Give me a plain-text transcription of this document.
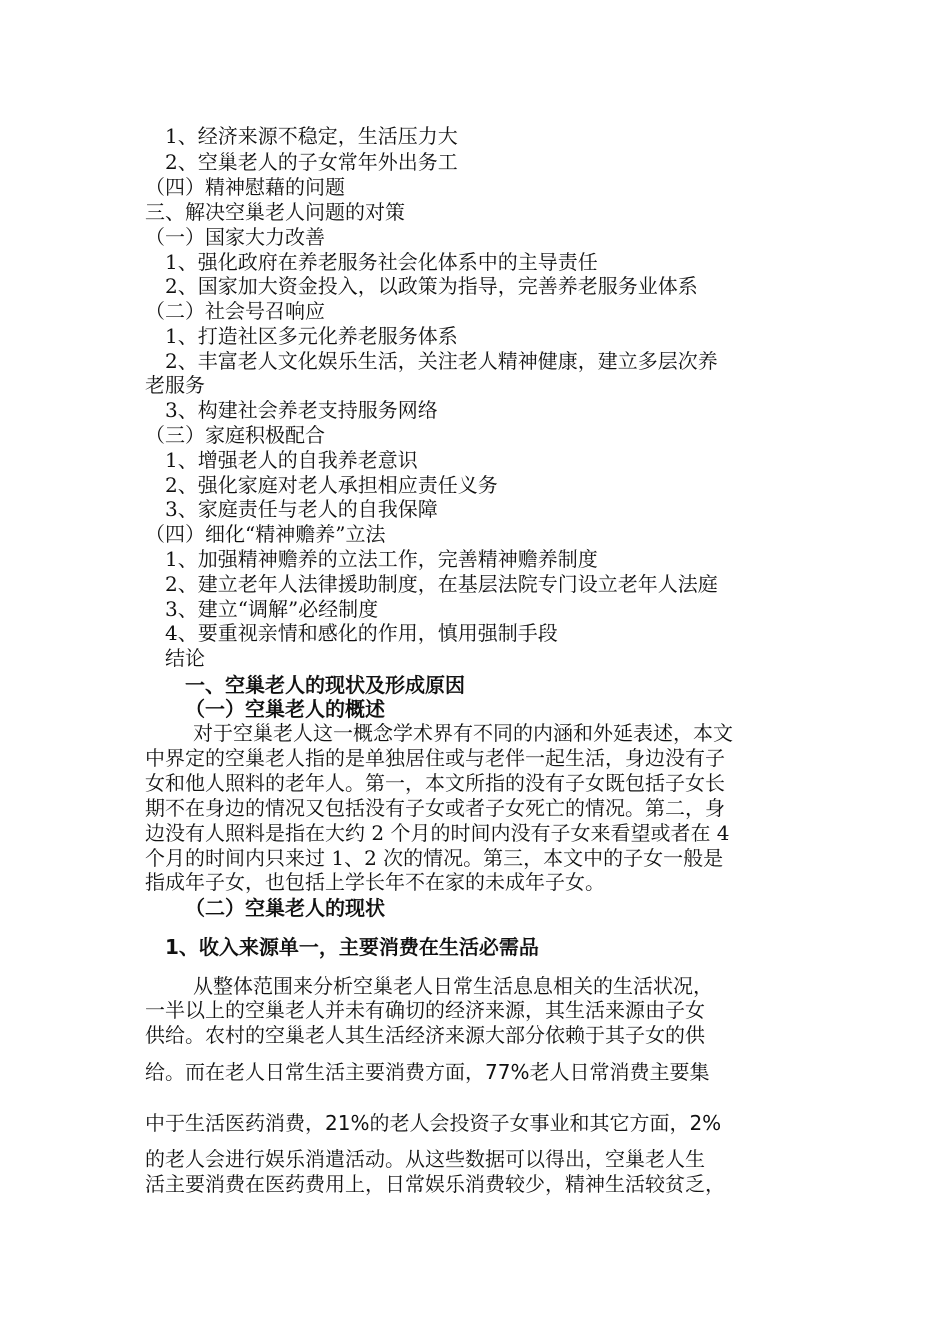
1、经济来源不稳定，生活压力大
2、空巢老人的子女常年外出务工
（四）精神慰藉的问题
三、解决空巢老人问题的对策
（一）国家大力改善
1、强化政府在养老服务社会化体系中的主导责任
2、国家加大资金投入，以政策为指导，完善养老服务业体系
（二）社会号召响应
1、打造社区多元化养老服务体系
2、丰富老人文化娱乐生活，关注老人精神健康，建立多层次养
老服务
3、构建社会养老支持服务网络
（三）家庭积极配合
1、增强老人的自我养老意识
2、强化家庭对老人承担相应责任义务
3、家庭责任与老人的自我保障
（四）细化“精神赡养”立法
1、加强精神赡养的立法工作，完善精神赡养制度
2、建立老年人法律援助制度，在基层法院专门设立老年人法庭
3、建立“调解”必经制度
4、要重视亲情和感化的作用，慎用强制手段
结论
一、空巢老人的现状及形成原因
（一）空巢老人的概述
对于空巢老人这一概念学术界有不同的内涵和外延表述，本文
中界定的空巢老人指的是单独居住或与老伴一起生活，身边没有子
女和他人照料的老年人。第一，本文所指的没有子女既包括子女长
期不在身边的情况又包括没有子女或者子女死亡的情况。第二，身
边没有人照料是指在大约 2 个月的时间内没有子女来看望或者在 4
个月的时间内只来过 1、2 次的情况。第三，本文中的子女一般是
指成年子女，也包括上学长年不在家的未成年子女。
（二）空巢老人的现状
1、收入来源单一，主要消费在生活必需品
从整体范围来分析空巢老人日常生活息息相关的生活状况，
一半以上的空巢老人并未有确切的经济来源，其生活来源由子女
供给。农村的空巢老人其生活经济来源大部分依赖于其子女的供
给。而在老人日常生活主要消费方面，77%老人日常消费主要集
中于生活医药消费，21%的老人会投资子女事业和其它方面，2%
的老人会进行娱乐消遣活动。从这些数据可以得出，空巢老人生
活主要消费在医药费用上，日常娱乐消费较少，精神生活较贫乏，
